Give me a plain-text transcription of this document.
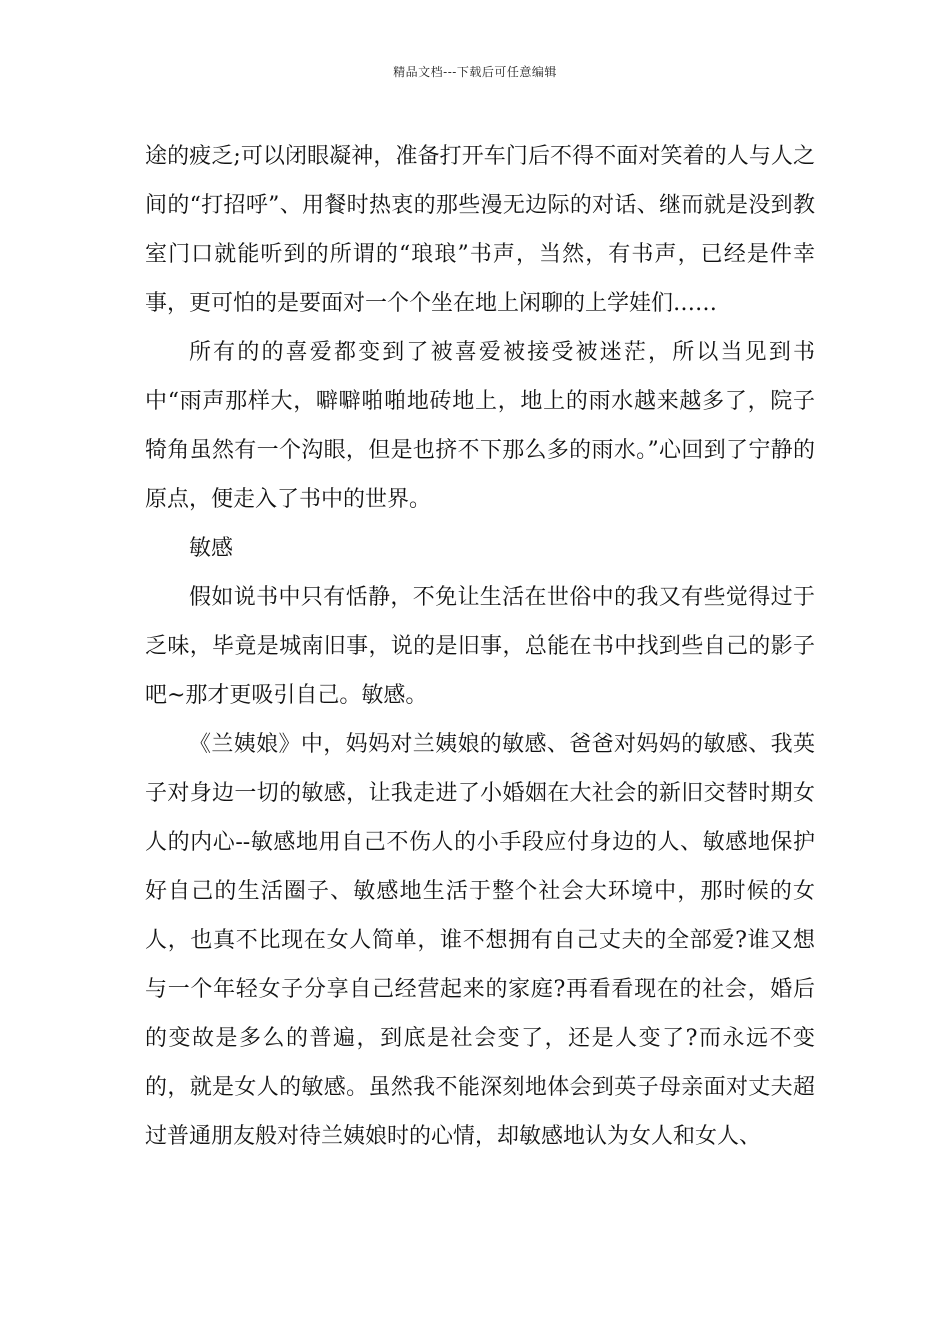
精品文档---下载后可任意编辑

途的疲乏;可以闭眼凝神，准备打开车门后不得不面对笑着的人与人之间的“打招呼”、用餐时热衷的那些漫无边际的对话、继而就是没到教室门口就能听到的所谓的“琅琅”书声，当然，有书声，已经是件幸事，更可怕的是要面对一个个坐在地上闲聊的上学娃们……

所有的的喜爱都变到了被喜爱被接受被迷茫，所以当见到书中“雨声那样大，噼噼啪啪地砖地上，地上的雨水越来越多了，院子犄角虽然有一个沟眼，但是也挤不下那么多的雨水。”心回到了宁静的原点，便走入了书中的世界。

敏感

假如说书中只有恬静，不免让生活在世俗中的我又有些觉得过于乏味，毕竟是城南旧事，说的是旧事，总能在书中找到些自己的影子吧~那才更吸引自己。敏感。

《兰姨娘》中，妈妈对兰姨娘的敏感、爸爸对妈妈的敏感、我英子对身边一切的敏感，让我走进了小婚姻在大社会的新旧交替时期女人的内心--敏感地用自己不伤人的小手段应付身边的人、敏感地保护好自己的生活圈子、敏感地生活于整个社会大环境中，那时候的女人，也真不比现在女人简单，谁不想拥有自己丈夫的全部爱?谁又想与一个年轻女子分享自己经营起来的家庭?再看看现在的社会，婚后的变故是多么的普遍，到底是社会变了，还是人变了?而永远不变的，就是女人的敏感。虽然我不能深刻地体会到英子母亲面对丈夫超过普通朋友般对待兰姨娘时的心情，却敏感地认为女人和女人、
